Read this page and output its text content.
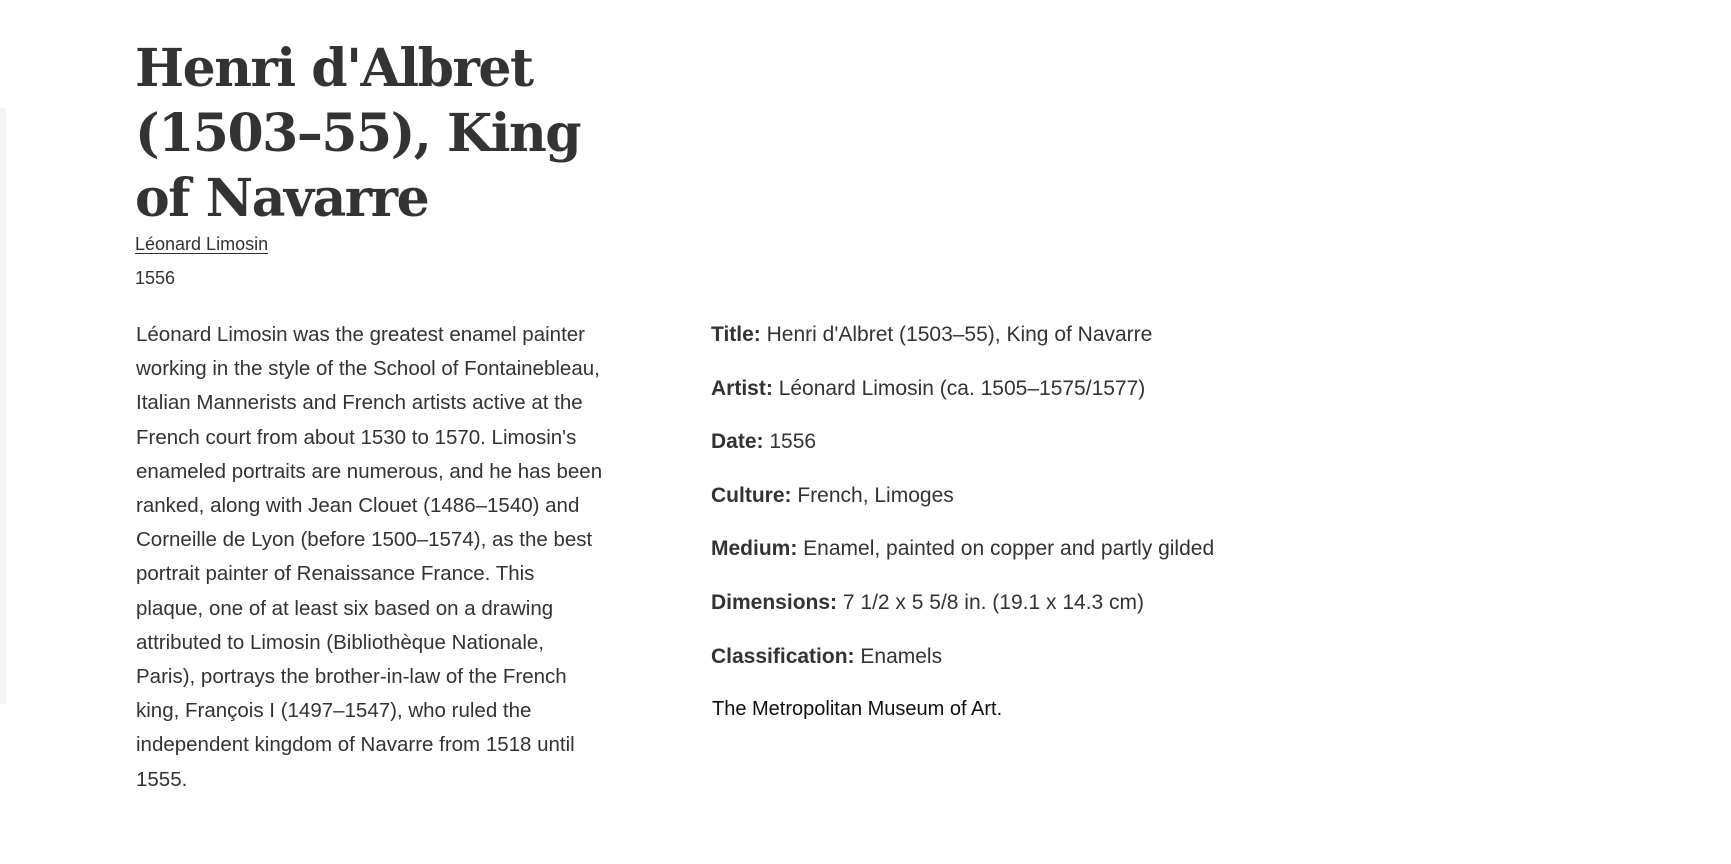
Henri d'Albret (1503–55), King of Navarre
Léonard Limosin
1556

Léonard Limosin was the greatest enamel painter working in the style of the School of Fontainebleau, Italian Mannerists and French artists active at the French court from about 1530 to 1570. Limosin's enameled portraits are numerous, and he has been ranked, along with Jean Clouet (1486–1540) and Corneille de Lyon (before 1500–1574), as the best portrait painter of Renaissance France. This plaque, one of at least six based on a drawing attributed to Limosin (Bibliothèque Nationale, Paris), portrays the brother-in-law of the French king, François I (1497–1547), who ruled the independent kingdom of Navarre from 1518 until 1555.

Title: Henri d'Albret (1503–55), King of Navarre
Artist: Léonard Limosin (ca. 1505–1575/1577)
Date: 1556
Culture: French, Limoges
Medium: Enamel, painted on copper and partly gilded
Dimensions: 7 1/2 x 5 5/8 in. (19.1 x 14.3 cm)
Classification: Enamels
The Metropolitan Museum of Art.
